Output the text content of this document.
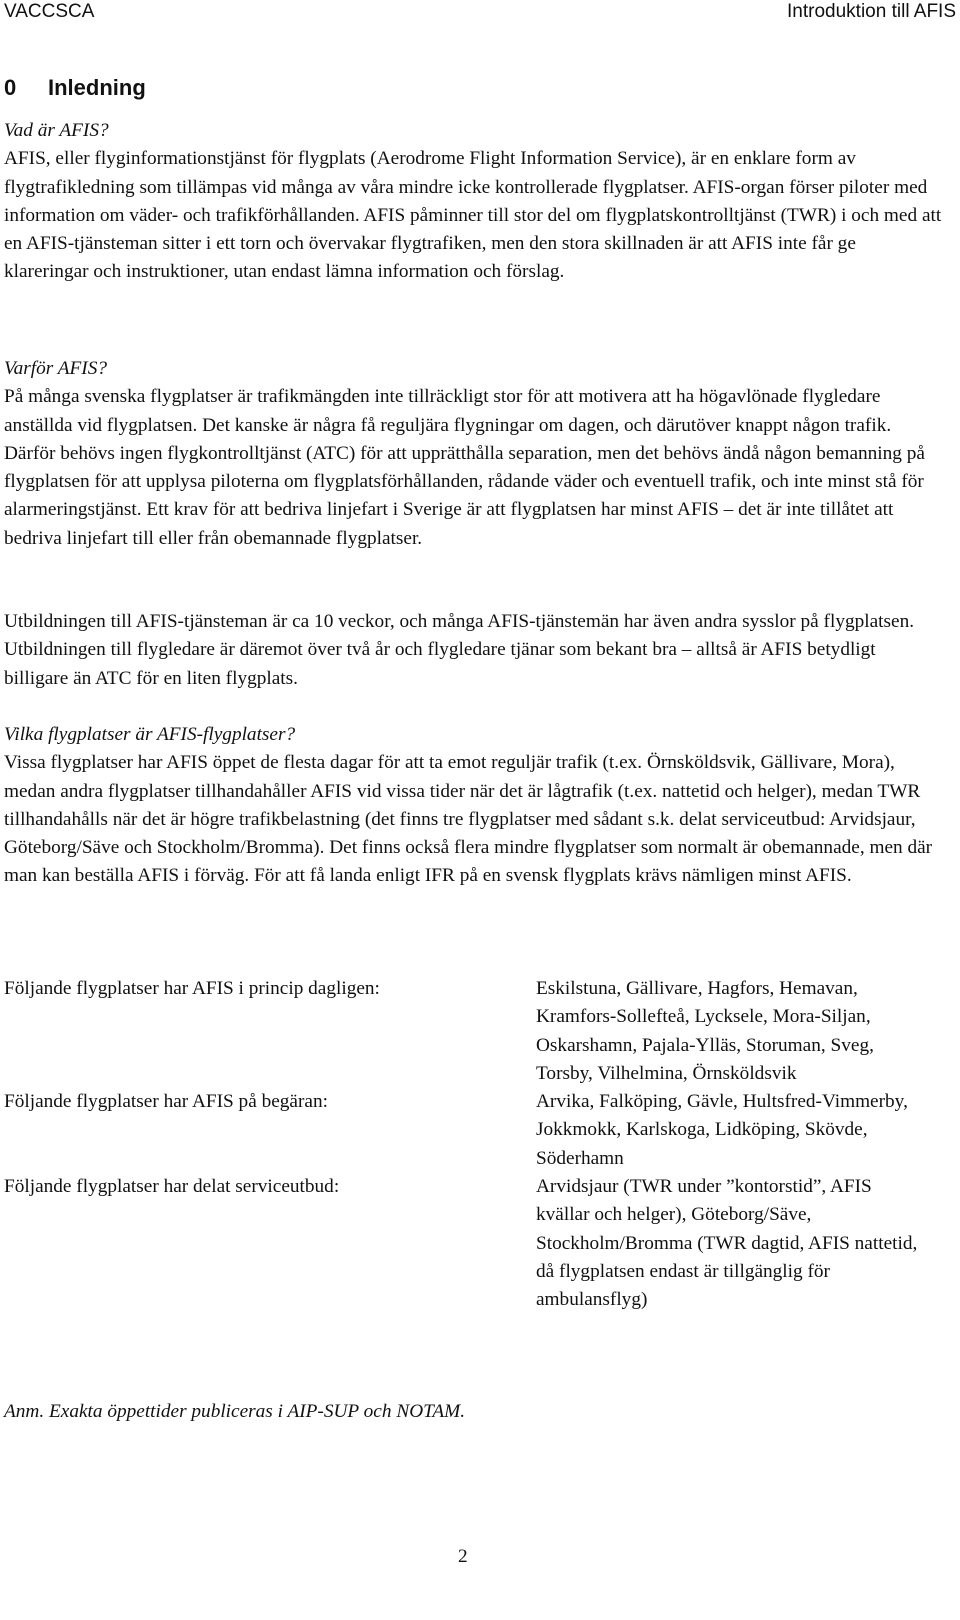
VACCSCA	Introduktion till AFIS
0 Inledning

Vad är AFIS?

AFIS, eller flyginformationstjänst för flygplats (Aerodrome Flight Information Service), är en enklare form av flygtrafikledning som tillämpas vid många av våra mindre icke kontrollerade flygplatser. AFIS-organ förser piloter med information om väder- och trafikförhållanden. AFIS påminner till stor del om flygplatskontrolltjänst (TWR) i och med att en AFIS-tjänsteman sitter i ett torn och övervakar flygtrafiken, men den stora skillnaden är att AFIS inte får ge klareringar och instruktioner, utan endast lämna information och förslag.

Varför AFIS?

På många svenska flygplatser är trafikmängden inte tillräckligt stor för att motivera att ha högavlönade flygledare anställda vid flygplatsen. Det kanske är några få reguljära flygningar om dagen, och därutöver knappt någon trafik. Därför behövs ingen flygkontrolltjänst (ATC) för att upprätthålla separation, men det behövs ändå någon bemanning på flygplatsen för att upplysa piloterna om flygplatsförhållanden, rådande väder och eventuell trafik, och inte minst stå för alarmeringstjänst. Ett krav för att bedriva linjefart i Sverige är att flygplatsen har minst AFIS – det är inte tillåtet att bedriva linjefart till eller från obemannade flygplatser.

Utbildningen till AFIS-tjänsteman är ca 10 veckor, och många AFIS-tjänstemän har även andra sysslor på flygplatsen. Utbildningen till flygledare är däremot över två år och flygledare tjänar som bekant bra – alltså är AFIS betydligt billigare än ATC för en liten flygplats.

Vilka flygplatser är AFIS-flygplatser?

Vissa flygplatser har AFIS öppet de flesta dagar för att ta emot reguljär trafik (t.ex. Örnsköldsvik, Gällivare, Mora), medan andra flygplatser tillhandahåller AFIS vid vissa tider när det är lågtrafik (t.ex. nattetid och helger), medan TWR tillhandahålls när det är högre trafikbelastning (det finns tre flygplatser med sådant s.k. delat serviceutbud: Arvidsjaur, Göteborg/Säve och Stockholm/Bromma). Det finns också flera mindre flygplatser som normalt är obemannade, men där man kan beställa AFIS i förväg. För att få landa enligt IFR på en svensk flygplats krävs nämligen minst AFIS.

Följande flygplatser har AFIS i princip dagligen:	Eskilstuna, Gällivare, Hagfors, Hemavan, Kramfors-Sollefteå, Lycksele, Mora-Siljan, Oskarshamn, Pajala-Ylläs, Storuman, Sveg, Torsby, Vilhelmina, Örnsköldsvik
Följande flygplatser har AFIS på begäran:	Arvika, Falköping, Gävle, Hultsfred-Vimmerby, Jokkmokk, Karlskoga, Lidköping, Skövde, Söderhamn
Följande flygplatser har delat serviceutbud:	Arvidsjaur (TWR under ”kontorstid”, AFIS kvällar och helger), Göteborg/Säve, Stockholm/Bromma (TWR dagtid, AFIS nattetid, då flygplatsen endast är tillgänglig för ambulansflyg)
Anm. Exakta öppettider publiceras i AIP-SUP och NOTAM.
2
